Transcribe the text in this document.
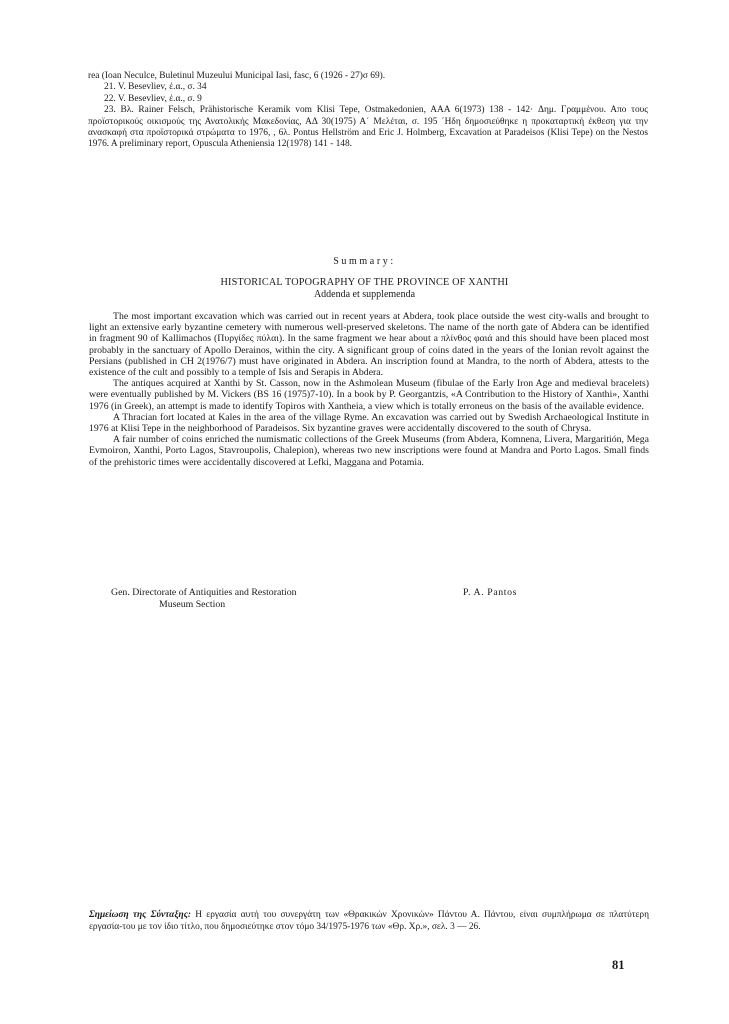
rea (Ioan Neculce, Buletinul Muzeului Municipal Iasi, fasc, 6 (1926 - 27)σ 69).

21. V. Besevliev, έ.α., σ. 34

22. V. Besevliev, έ.α., σ. 9

23. Βλ. Rainer Felsch, Prähistorische Keramik vom Klisi Tepe, Ostmakedonien, AAA 6(1973) 138 - 142· Δημ. Γραμμένου. Απο τους προϊστορικούς οικισμούς της Ανατολικής Μακεδονίας, ΑΔ 30(1975) Α΄ Μελέται, σ. 195 ΄Ηδη δημοσιεύθηκε η προκαταρτική έκθεση για την ανασκαφή στα προϊστορικά στρώματα το 1976, , 6λ. Pontus Hellström and Eric J. Holmberg, Excavation at Paradeisos (Klisi Tepe) on the Nestos 1976. A preliminary report, Opuscula Atheniensia 12(1978) 141 - 148.

Summary:
HISTORICAL TOPOGRAPHY OF THE PROVINCE OF XANTHI
Addenda et supplemenda

The most important excavation which was carried out in recent years at Abdera, took place outside the west city-walls and brought to light an extensive early byzantine cemetery with numerous well-preserved skeletons. The name of the north gate of Abdera can be identified in fragment 90 of Kallimachos (Πυργίδες πύλαι). In the same fragment we hear about a πλίνθος φαιά and this should have been placed most probably in the sanctuary of Apollo Derainos, within the city. A significant group of coins dated in the years of the Ionian revolt against the Persians (published in CH 2(1976/7) must have originated in Abdera. An inscription found at Mandra, to the north of Abdera, attests to the existence of the cult and possibly to a temple of Isis and Serapis in Abdera.

The antiques acquired at Xanthi by St. Casson, now in the Ashmolean Museum (fibulae of the Early Iron Age and medieval bracelets) were eventually published by M. Vickers (BS 16 (1975)7-10). In a book by P. Georgantzis, «A Contribution to the History of Xanthi», Xanthi 1976 (in Greek), an attempt is made to identify Topiros with Xantheia, a view which is totally erroneus on the basis of the available evidence.

A Thracian fort located at Kales in the area of the village Ryme. An excavation was carried out by Swedish Archaeological Institute in 1976 at Klisi Tepe in the neighborhood of Paradeisos. Six byzantine graves were accidentally discovered to the south of Chrysa.

A fair number of coins enriched the numismatic collections of the Greek Museums (from Abdera, Komnena, Livera, Margaritión, Mega Evmoiron, Xanthi, Porto Lagos, Stavroupolis, Chalepion), whereas two new inscriptions were found at Mandra and Porto Lagos. Small finds of the prehistoric times were accidentally discovered at Lefki, Maggana and Potamia.

Gen. Directorate of Antiquities and Restoration
Museum Section
P. A. Pantos
Σημείωση της Σύνταξης: Η εργασία αυτή του συνεργάτη των «Θρακικών Χρονικών» Πάντου Α. Πάντου, είναι συμπλήρωμα σε πλατύτερη εργασία-του με τον ίδιο τίτλο, που δημοσιεύτηκε στον τόμο 34/1975-1976 των «Θρ. Χρ.», σελ. 3 — 26.
81
